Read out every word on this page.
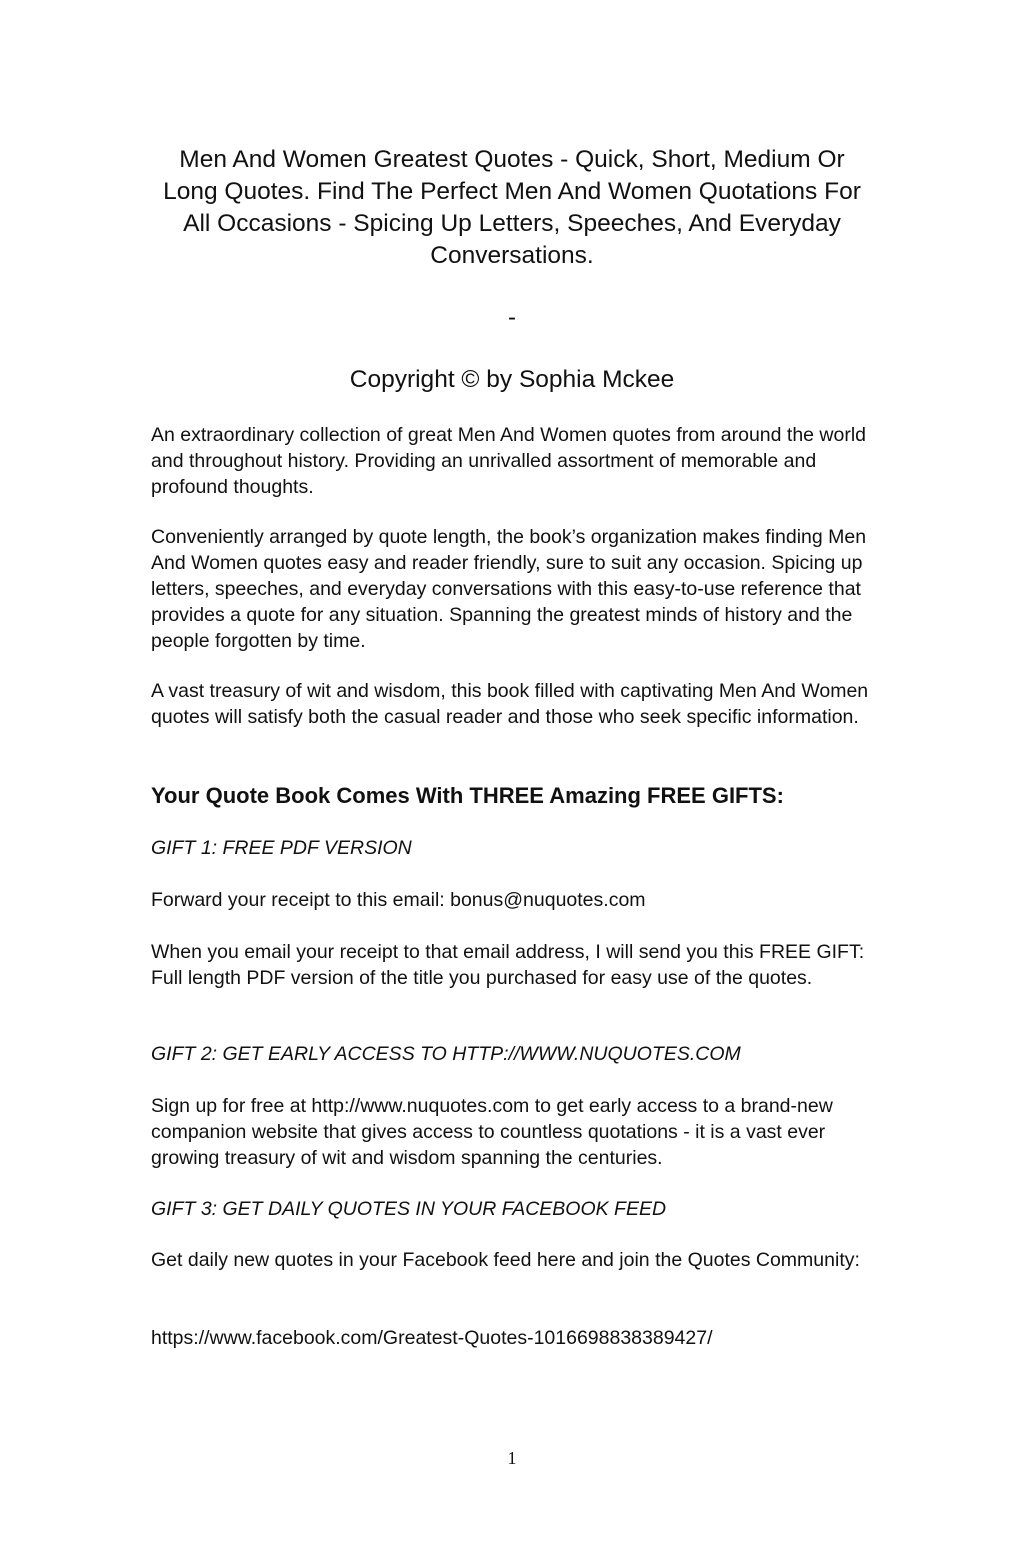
Men And Women Greatest Quotes - Quick, Short, Medium Or Long Quotes. Find The Perfect Men And Women Quotations For All Occasions - Spicing Up Letters, Speeches, And Everyday Conversations.

-

Copyright © by Sophia Mckee

An extraordinary collection of great Men And Women quotes from around the world and throughout history. Providing an unrivalled assortment of memorable and profound thoughts.

Conveniently arranged by quote length, the book’s organization makes finding Men And Women quotes easy and reader friendly, sure to suit any occasion. Spicing up letters, speeches, and everyday conversations with this easy-to-use reference that provides a quote for any situation. Spanning the greatest minds of history and the people forgotten by time.

A vast treasury of wit and wisdom, this book filled with captivating Men And Women quotes will satisfy both the casual reader and those who seek specific information.

Your Quote Book Comes With THREE Amazing FREE GIFTS:

GIFT 1: FREE PDF VERSION

Forward your receipt to this email: bonus@nuquotes.com

When you email your receipt to that email address, I will send you this FREE GIFT: Full length PDF version of the title you purchased for easy use of the quotes.

GIFT 2: GET EARLY ACCESS TO HTTP://WWW.NUQUOTES.COM

Sign up for free at http://www.nuquotes.com to get early access to a brand-new companion website that gives access to countless quotations - it is a vast ever growing treasury of wit and wisdom spanning the centuries.

GIFT 3: GET DAILY QUOTES IN YOUR FACEBOOK FEED

Get daily new quotes in your Facebook feed here and join the Quotes Community:

https://www.facebook.com/Greatest-Quotes-1016698838389427/

1
